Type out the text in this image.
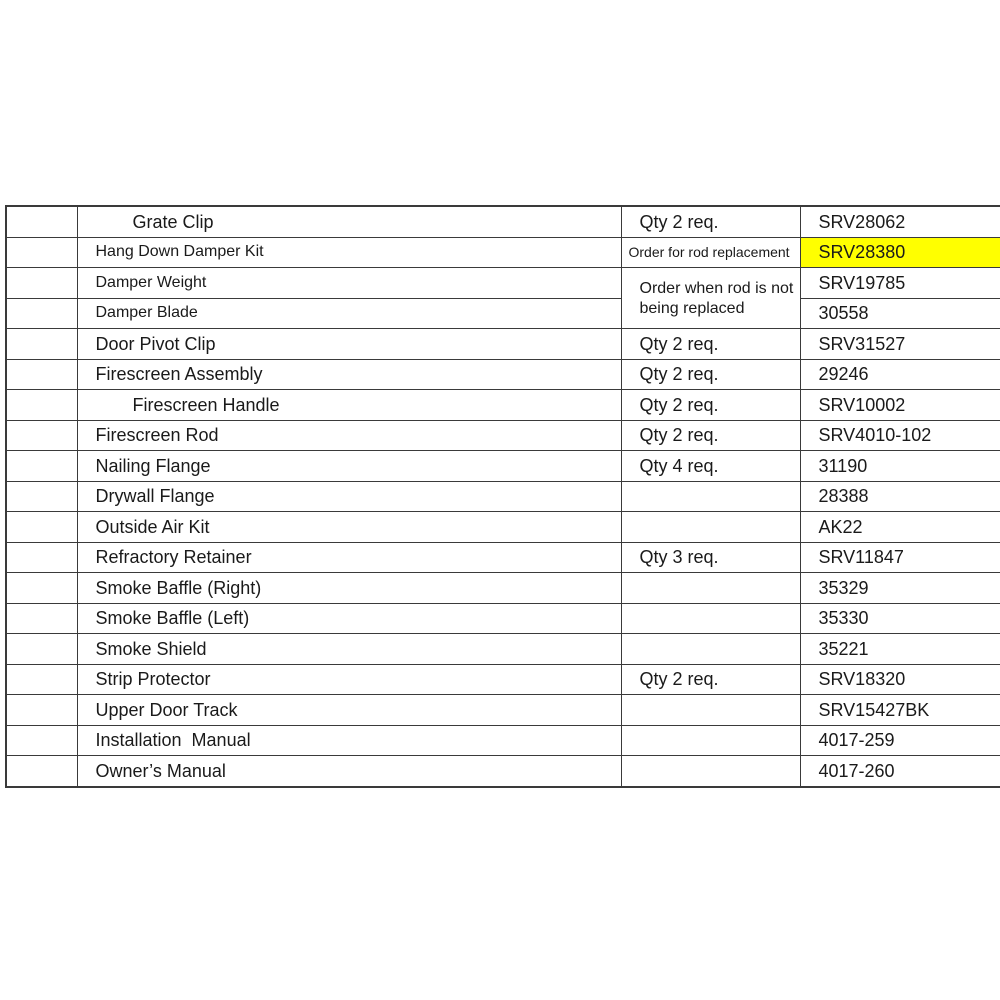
	Grate Clip	Qty 2 req.	SRV28062
	Hang Down Damper Kit	Order for rod replacement	SRV28380
	Damper Weight	Order when rod is not being replaced	SRV19785
	Damper Blade		30558
	Door Pivot Clip	Qty 2 req.	SRV31527
	Firescreen Assembly	Qty 2 req.	29246
	Firescreen Handle	Qty 2 req.	SRV10002
	Firescreen Rod	Qty 2 req.	SRV4010-102
	Nailing Flange	Qty 4 req.	31190
	Drywall Flange		28388
	Outside Air Kit		AK22
	Refractory Retainer	Qty 3 req.	SRV11847
	Smoke Baffle (Right)		35329
	Smoke Baffle (Left)		35330
	Smoke Shield		35221
	Strip Protector	Qty 2 req.	SRV18320
	Upper Door Track		SRV15427BK
	Installation  Manual		4017-259
	Owner’s Manual		4017-260
